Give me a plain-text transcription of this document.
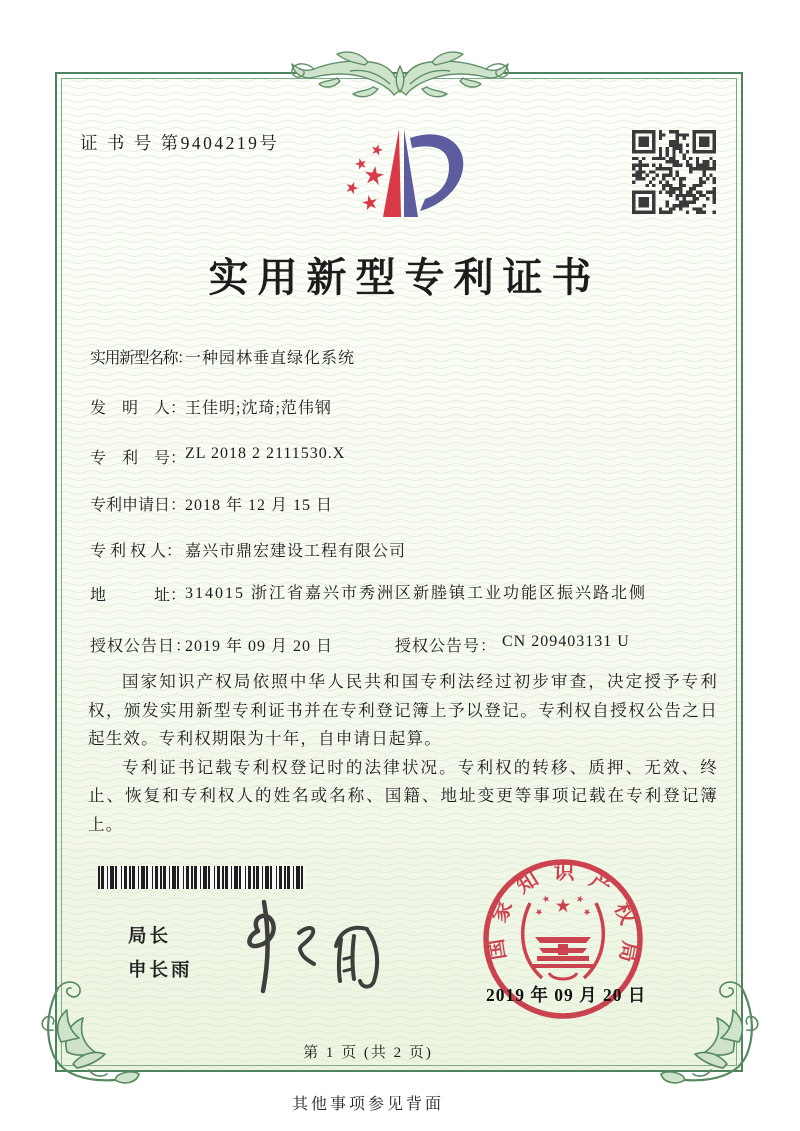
证 书 号 第9404219号
实用新型专利证书
实用新型名称：一种园林垂直绿化系统
发　明　人：王佳明;沈琦;范伟钢
专　利　号：ZL 2018 2 2111530.X
专利申请日：2018 年 12 月 15 日
专 利 权 人： 嘉兴市鼎宏建设工程有限公司
地　　　址：314015 浙江省嘉兴市秀洲区新塍镇工业功能区振兴路北侧
授权公告日：2019 年 09 月 20 日	授权公告号： CN 209403131 U

国家知识产权局依照中华人民共和国专利法经过初步审查，决定授予专利权，颁发实用新型专利证书并在专利登记簿上予以登记。专利权自授权公告之日起生效。专利权期限为十年，自申请日起算。

专利证书记载专利权登记时的法律状况。专利权的转移、质押、无效、终止、恢复和专利权人的姓名或名称、国籍、地址变更等事项记载在专利登记簿上。

局长
申长雨
国家知识产权局
2019 年 09 月 20 日
第 1 页 (共 2 页)
其他事项参见背面
